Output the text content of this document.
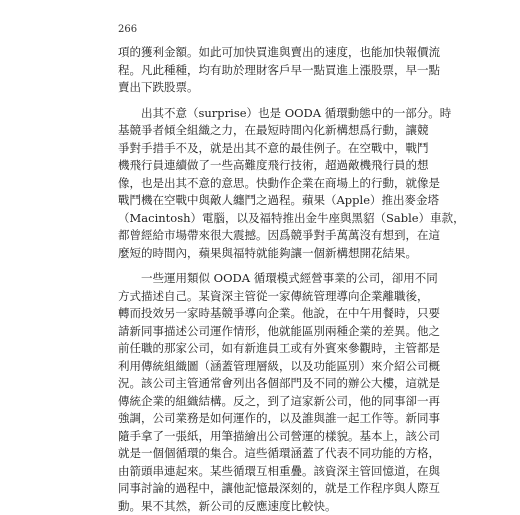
266
項的獲利金額。如此可加快買進與賣出的速度，也能加快報價流
程。凡此種種，均有助於理財客戶早一點買進上漲股票，早一點
賣出下跌股票。
出其不意（surprise）也是 OODA 循環動態中的一部分。時
基競爭者傾全組織之力，在最短時間內化新構想爲行動，讓競
爭對手措手不及，就是出其不意的最佳例子。在空戰中，戰鬥
機飛行員連續做了一些高難度飛行技術，超過敵機飛行員的想
像，也是出其不意的意思。快動作企業在商場上的行動，就像是
戰鬥機在空戰中與敵人纏鬥之過程。蘋果（Apple）推出麥金塔
（Macintosh）電腦，以及福特推出金牛座與黑貂（Sable）車款，
都曾經給市場帶來很大震撼。因爲競爭對手萬萬沒有想到，在這
麼短的時間內，蘋果與福特就能夠讓一個新構想開花結果。
一些運用類似 OODA 循環模式經營事業的公司，卻用不同
方式描述自己。某資深主管從一家傳統管理導向企業離職後，
轉而投效另一家時基競爭導向企業。他說，在中午用餐時，只要
請新同事描述公司運作情形，他就能區別兩種企業的差異。他之
前任職的那家公司，如有新進員工或有外賓來參觀時，主管都是
利用傳統組織圖（涵蓋管理層級，以及功能區別）來介紹公司概
況。該公司主管通常會列出各個部門及不同的辦公大樓，這就是
傳統企業的組織結構。反之，到了這家新公司，他的同事卻一再
強調，公司業務是如何運作的，以及誰與誰一起工作等。新同事
隨手拿了一張紙，用筆描繪出公司營運的樣貌。基本上，該公司
就是一個個循環的集合。這些循環涵蓋了代表不同功能的方格，
由箭頭串連起來。某些循環互相重疊。該資深主管回憶道，在與
同事討論的過程中，讓他記憶最深刻的，就是工作程序與人際互
動。果不其然，新公司的反應速度比較快。
